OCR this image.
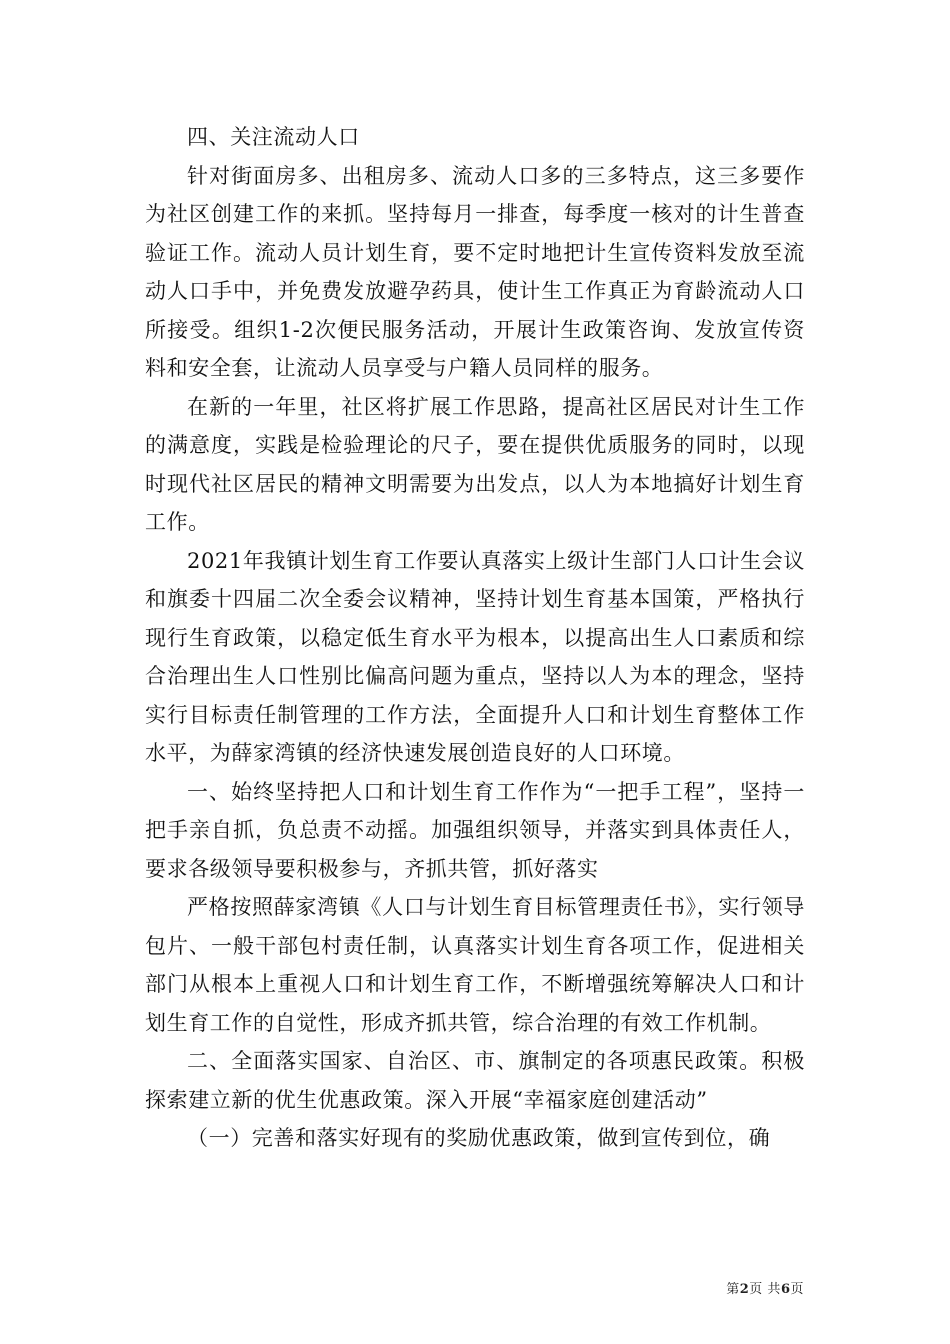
四、关注流动人口

针对街面房多、出租房多、流动人口多的三多特点，这三多要作为社区创建工作的来抓。坚持每月一排查，每季度一核对的计生普查验证工作。流动人员计划生育，要不定时地把计生宣传资料发放至流动人口手中，并免费发放避孕药具，使计生工作真正为育龄流动人口所接受。组织1-2次便民服务活动，开展计生政策咨询、发放宣传资料和安全套，让流动人员享受与户籍人员同样的服务。

在新的一年里，社区将扩展工作思路，提高社区居民对计生工作的满意度，实践是检验理论的尺子，要在提供优质服务的同时，以现时现代社区居民的精神文明需要为出发点，以人为本地搞好计划生育工作。

2021年我镇计划生育工作要认真落实上级计生部门人口计生会议和旗委十四届二次全委会议精神，坚持计划生育基本国策，严格执行现行生育政策，以稳定低生育水平为根本，以提高出生人口素质和综合治理出生人口性别比偏高问题为重点，坚持以人为本的理念，坚持实行目标责任制管理的工作方法，全面提升人口和计划生育整体工作水平，为薛家湾镇的经济快速发展创造良好的人口环境。

一、始终坚持把人口和计划生育工作作为“一把手工程”，坚持一把手亲自抓，负总责不动摇。加强组织领导，并落实到具体责任人，要求各级领导要积极参与，齐抓共管，抓好落实

严格按照薛家湾镇《人口与计划生育目标管理责任书》，实行领导包片、一般干部包村责任制，认真落实计划生育各项工作，促进相关部门从根本上重视人口和计划生育工作，不断增强统筹解决人口和计划生育工作的自觉性，形成齐抓共管，综合治理的有效工作机制。

二、全面落实国家、自治区、市、旗制定的各项惠民政策。积极探索建立新的优生优惠政策。深入开展“幸福家庭创建活动”

（一）完善和落实好现有的奖励优惠政策，做到宣传到位，确

第2页 共6页
